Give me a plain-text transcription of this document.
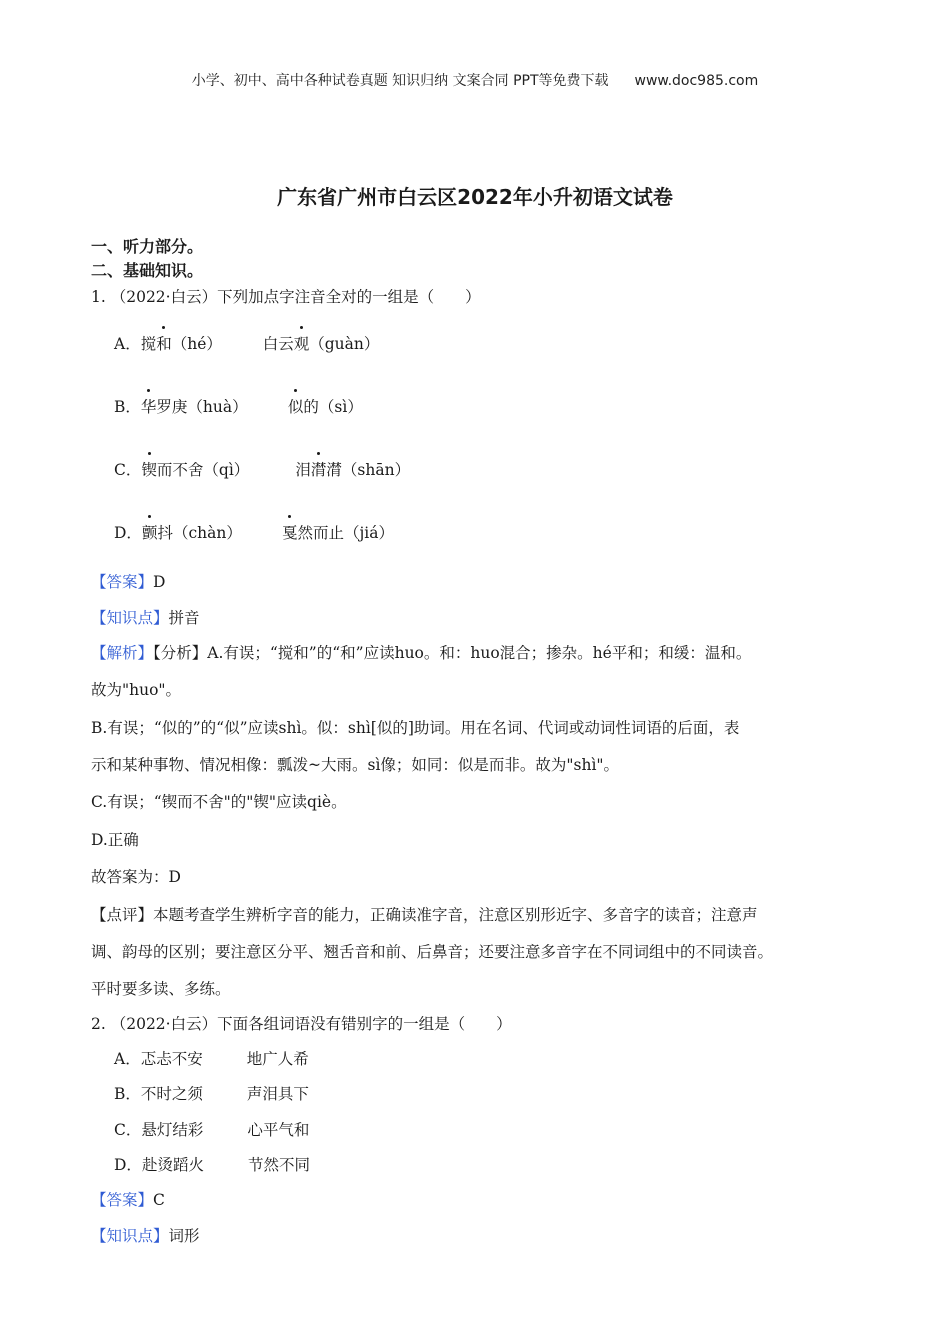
小学、初中、高中各种试卷真题 知识归纳 文案合同 PPT等免费下载 www.doc985.com
广东省广州市白云区2022年小升初语文试卷
一、听力部分。
二、基础知识。
1. （2022·白云）下列加点字注音全对的一组是（　　）
A．搅和（hé）	白云观（guàn）
B．华罗庚（huà）	似的（sì）
C．锲而不舍（qì）	泪潸潸（shān）
D．颤抖（chàn）	戛然而止（jiá）
【答案】D
【知识点】拼音
【解析】【分析】A.有误；“搅和”的“和”应读huo。和：huo混合；掺杂。hé平和；和缓：温和。
故为"huo"。
B.有误；“似的”的“似”应读shì。似：shì[似的]助词。用在名词、代词或动词性词语的后面，表
示和某种事物、情况相像：瓢泼~大雨。sì像；如同：似是而非。故为"shì"。
C.有误；“锲而不舍"的"锲"应读qiè。
D.正确
故答案为：D
【点评】本题考查学生辨析字音的能力，正确读准字音，注意区别形近字、多音字的读音；注意声
调、韵母的区别；要注意区分平、翘舌音和前、后鼻音；还要注意多音字在不同词组中的不同读音。
平时要多读、多练。
2. （2022·白云）下面各组词语没有错别字的一组是（　　）
A．忑忐不安	地广人希
B．不时之须	声泪具下
C．悬灯结彩	心平气和
D．赴烫蹈火	节然不同
【答案】C
【知识点】词形
